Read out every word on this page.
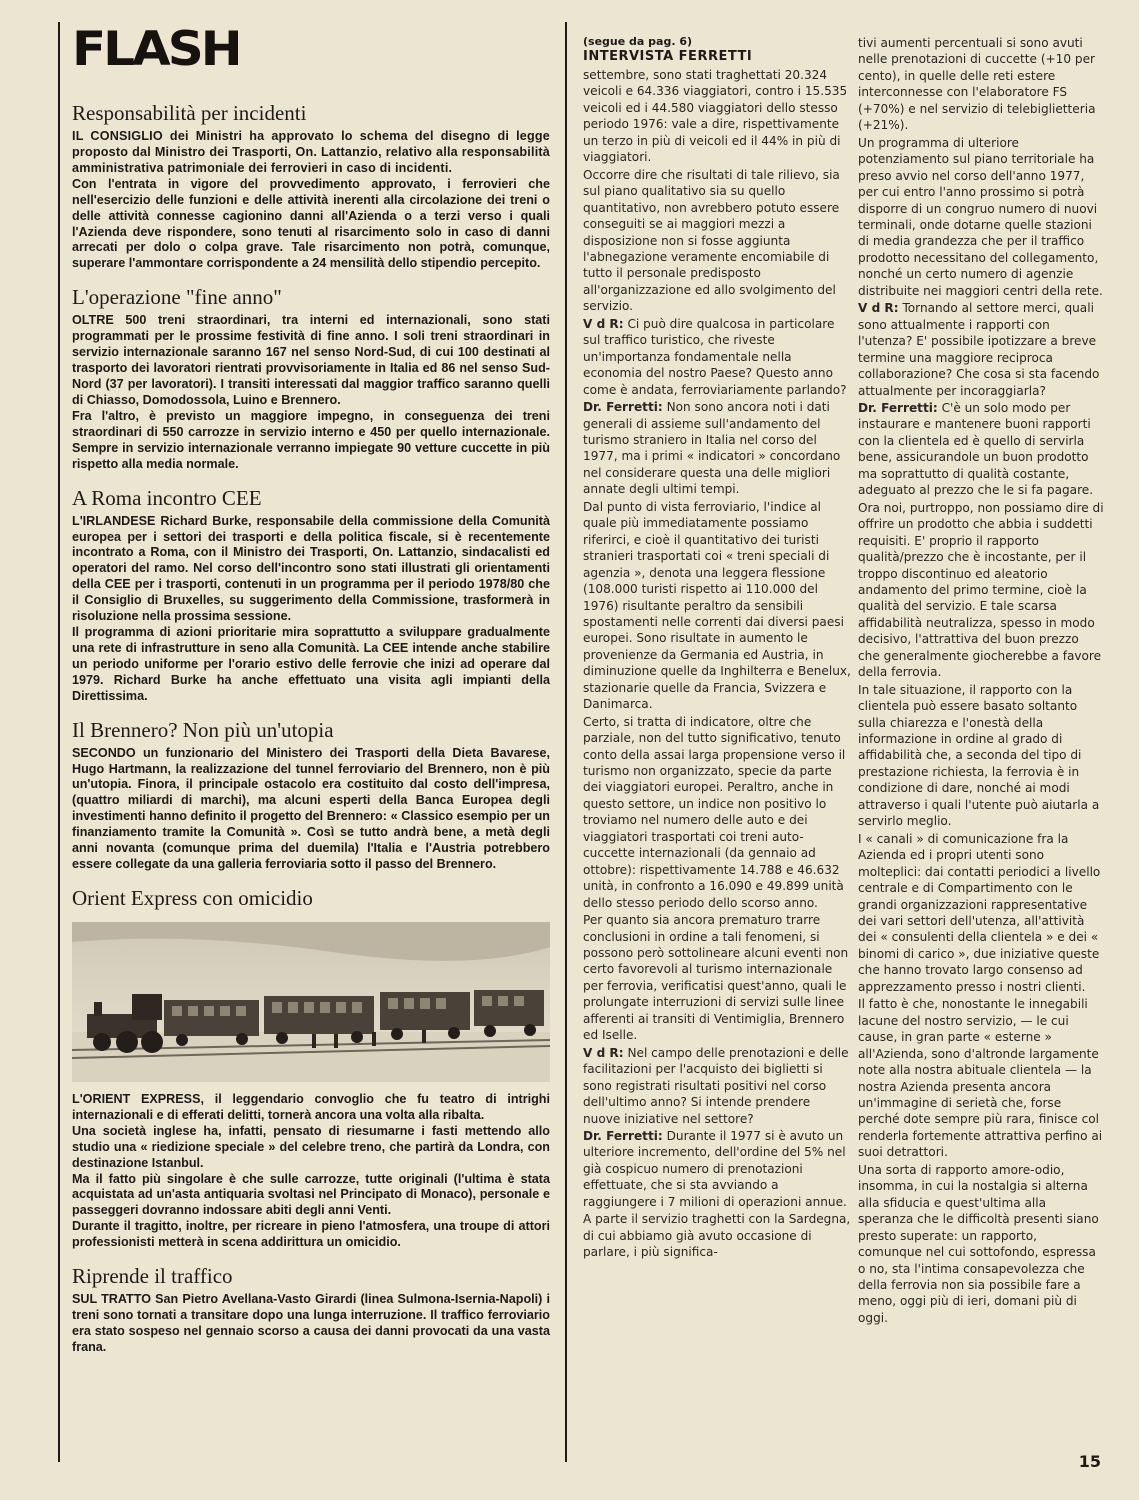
FLASH
Responsabilità per incidenti

IL CONSIGLIO dei Ministri ha approvato lo schema del disegno di legge proposto dal Ministro dei Trasporti, On. Lattanzio, relativo alla responsabilità amministrativa patrimoniale dei ferrovieri in caso di incidenti.

Con l'entrata in vigore del provvedimento approvato, i ferrovieri che nell'esercizio delle funzioni e delle attività inerenti alla circolazione dei treni o delle attività connesse cagionino danni all'Azienda o a terzi verso i quali l'Azienda deve rispondere, sono tenuti al risarcimento solo in caso di danni arrecati per dolo o colpa grave. Tale risarcimento non potrà, comunque, superare l'ammontare corrispondente a 24 mensilità dello stipendio percepito.

L'operazione "fine anno"

OLTRE 500 treni straordinari, tra interni ed internazionali, sono stati programmati per le prossime festività di fine anno. I soli treni straordinari in servizio internazionale saranno 167 nel senso Nord-Sud, di cui 100 destinati al trasporto dei lavoratori rientrati provvisoriamente in Italia ed 86 nel senso Sud-Nord (37 per lavoratori). I transiti interessati dal maggior traffico saranno quelli di Chiasso, Domodossola, Luino e Brennero.

Fra l'altro, è previsto un maggiore impegno, in conseguenza dei treni straordinari di 550 carrozze in servizio interno e 450 per quello internazionale. Sempre in servizio internazionale verranno impiegate 90 vetture cuccette in più rispetto alla media normale.

A Roma incontro CEE

L'IRLANDESE Richard Burke, responsabile della commissione della Comunità europea per i settori dei trasporti e della politica fiscale, si è recentemente incontrato a Roma, con il Ministro dei Trasporti, On. Lattanzio, sindacalisti ed operatori del ramo. Nel corso dell'incontro sono stati illustrati gli orientamenti della CEE per i trasporti, contenuti in un programma per il periodo 1978/80 che il Consiglio di Bruxelles, su suggerimento della Commissione, trasformerà in risoluzione nella prossima sessione.

Il programma di azioni prioritarie mira soprattutto a sviluppare gradualmente una rete di infrastrutture in seno alla Comunità. La CEE intende anche stabilire un periodo uniforme per l'orario estivo delle ferrovie che inizi ad operare dal 1979. Richard Burke ha anche effettuato una visita agli impianti della Direttissima.

Il Brennero? Non più un'utopia

SECONDO un funzionario del Ministero dei Trasporti della Dieta Bavarese, Hugo Hartmann, la realizzazione del tunnel ferroviario del Brennero, non è più un'utopia. Finora, il principale ostacolo era costituito dal costo dell'impresa, (quattro miliardi di marchi), ma alcuni esperti della Banca Europea degli investimenti hanno definito il progetto del Brennero: « Classico esempio per un finanziamento tramite la Comunità ». Così se tutto andrà bene, a metà degli anni novanta (comunque prima del duemila) l'Italia e l'Austria potrebbero essere collegate da una galleria ferroviaria sotto il passo del Brennero.

Orient Express con omicidio

L'ORIENT EXPRESS, il leggendario convoglio che fu teatro di intrighi internazionali e di efferati delitti, tornerà ancora una volta alla ribalta.

Una società inglese ha, infatti, pensato di riesumarne i fasti mettendo allo studio una « riedizione speciale » del celebre treno, che partirà da Londra, con destinazione Istanbul.

Ma il fatto più singolare è che sulle carrozze, tutte originali (l'ultima è stata acquistata ad un'asta antiquaria svoltasi nel Principato di Monaco), personale e passeggeri dovranno indossare abiti degli anni Venti.

Durante il tragitto, inoltre, per ricreare in pieno l'atmosfera, una troupe di attori professionisti metterà in scena addirittura un omicidio.

Riprende il traffico

SUL TRATTO San Pietro Avellana-Vasto Girardi (linea Sulmona-Isernia-Napoli) i treni sono tornati a transitare dopo una lunga interruzione. Il traffico ferroviario era stato sospeso nel gennaio scorso a causa dei danni provocati da una vasta frana.

(segue da pag. 6)
INTERVISTA FERRETTI

settembre, sono stati traghettati 20.324 veicoli e 64.336 viaggiatori, contro i 15.535 veicoli ed i 44.580 viaggiatori dello stesso periodo 1976: vale a dire, rispettivamente un terzo in più di veicoli ed il 44% in più di viaggiatori.

Occorre dire che risultati di tale rilievo, sia sul piano qualitativo sia su quello quantitativo, non avrebbero potuto essere conseguiti se ai maggiori mezzi a disposizione non si fosse aggiunta l'abnegazione veramente encomiabile di tutto il personale predisposto all'organizzazione ed allo svolgimento del servizio.

V d R: Ci può dire qualcosa in particolare sul traffico turistico, che riveste un'importanza fondamentale nella economia del nostro Paese? Questo anno come è andata, ferroviariamente parlando?

Dr. Ferretti: Non sono ancora noti i dati generali di assieme sull'andamento del turismo straniero in Italia nel corso del 1977, ma i primi « indicatori » concordano nel considerare questa una delle migliori annate degli ultimi tempi.

Dal punto di vista ferroviario, l'indice al quale più immediatamente possiamo riferirci, e cioè il quantitativo dei turisti stranieri trasportati coi « treni speciali di agenzia », denota una leggera flessione (108.000 turisti rispetto ai 110.000 del 1976) risultante peraltro da sensibili spostamenti nelle correnti dai diversi paesi europei. Sono risultate in aumento le provenienze da Germania ed Austria, in diminuzione quelle da Inghilterra e Benelux, stazionarie quelle da Francia, Svizzera e Danimarca.

Certo, si tratta di indicatore, oltre che parziale, non del tutto significativo, tenuto conto della assai larga propensione verso il turismo non organizzato, specie da parte dei viaggiatori europei. Peraltro, anche in questo settore, un indice non positivo lo troviamo nel numero delle auto e dei viaggiatori trasportati coi treni auto-cuccette internazionali (da gennaio ad ottobre): rispettivamente 14.788 e 46.632 unità, in confronto a 16.090 e 49.899 unità dello stesso periodo dello scorso anno.

Per quanto sia ancora prematuro trarre conclusioni in ordine a tali fenomeni, si possono però sottolineare alcuni eventi non certo favorevoli al turismo internazionale per ferrovia, verificatisi quest'anno, quali le prolungate interruzioni di servizi sulle linee afferenti ai transiti di Ventimiglia, Brennero ed Iselle.

V d R: Nel campo delle prenotazioni e delle facilitazioni per l'acquisto dei biglietti si sono registrati risultati positivi nel corso dell'ultimo anno? Si intende prendere nuove iniziative nel settore?

Dr. Ferretti: Durante il 1977 si è avuto un ulteriore incremento, dell'ordine del 5% nel già cospicuo numero di prenotazioni effettuate, che si sta avviando a raggiungere i 7 milioni di operazioni annue.

A parte il servizio traghetti con la Sardegna, di cui abbiamo già avuto occasione di parlare, i più significa-

tivi aumenti percentuali si sono avuti nelle prenotazioni di cuccette (+10 per cento), in quelle delle reti estere interconnesse con l'elaboratore FS (+70%) e nel servizio di telebiglietteria (+21%).

Un programma di ulteriore potenziamento sul piano territoriale ha preso avvio nel corso dell'anno 1977, per cui entro l'anno prossimo si potrà disporre di un congruo numero di nuovi terminali, onde dotarne quelle stazioni di media grandezza che per il traffico prodotto necessitano del collegamento, nonché un certo numero di agenzie distribuite nei maggiori centri della rete.

V d R: Tornando al settore merci, quali sono attualmente i rapporti con l'utenza? E' possibile ipotizzare a breve termine una maggiore reciproca collaborazione? Che cosa si sta facendo attualmente per incoraggiarla?

Dr. Ferretti: C'è un solo modo per instaurare e mantenere buoni rapporti con la clientela ed è quello di servirla bene, assicurandole un buon prodotto ma soprattutto di qualità costante, adeguato al prezzo che le si fa pagare.

Ora noi, purtroppo, non possiamo dire di offrire un prodotto che abbia i suddetti requisiti. E' proprio il rapporto qualità/prezzo che è incostante, per il troppo discontinuo ed aleatorio andamento del primo termine, cioè la qualità del servizio. E tale scarsa affidabilità neutralizza, spesso in modo decisivo, l'attrattiva del buon prezzo che generalmente giocherebbe a favore della ferrovia.

In tale situazione, il rapporto con la clientela può essere basato soltanto sulla chiarezza e l'onestà della informazione in ordine al grado di affidabilità che, a seconda del tipo di prestazione richiesta, la ferrovia è in condizione di dare, nonché ai modi attraverso i quali l'utente può aiutarla a servirlo meglio.

I « canali » di comunicazione fra la Azienda ed i propri utenti sono molteplici: dai contatti periodici a livello centrale e di Compartimento con le grandi organizzazioni rappresentative dei vari settori dell'utenza, all'attività dei « consulenti della clientela » e dei « binomi di carico », due iniziative queste che hanno trovato largo consenso ad apprezzamento presso i nostri clienti.

Il fatto è che, nonostante le innegabili lacune del nostro servizio, — le cui cause, in gran parte « esterne » all'Azienda, sono d'altronde largamente note alla nostra abituale clientela — la nostra Azienda presenta ancora un'immagine di serietà che, forse perché dote sempre più rara, finisce col renderla fortemente attrattiva perfino ai suoi detrattori.

Una sorta di rapporto amore-odio, insomma, in cui la nostalgia si alterna alla sfiducia e quest'ultima alla speranza che le difficoltà presenti siano presto superate: un rapporto, comunque nel cui sottofondo, espressa o no, sta l'intima consapevolezza che della ferrovia non sia possibile fare a meno, oggi più di ieri, domani più di oggi.

15
